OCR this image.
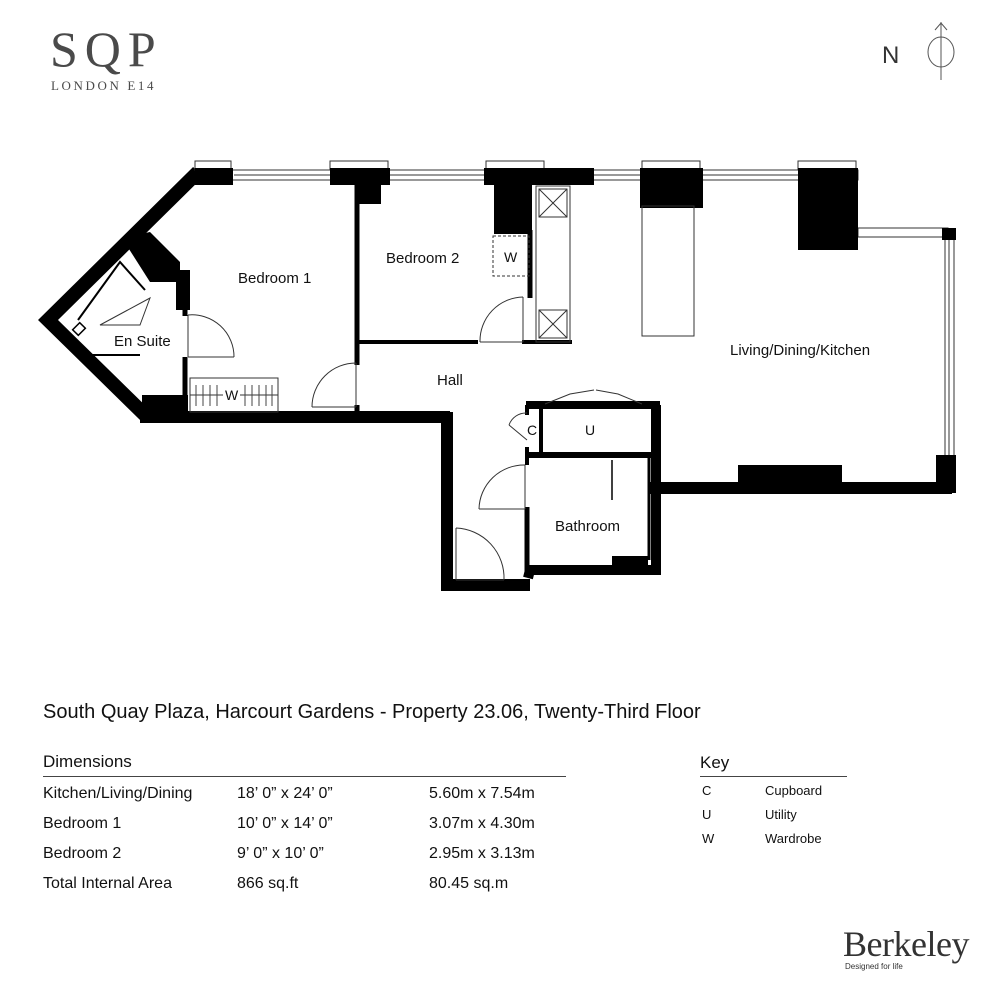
SQP
LONDON E14
N
Bedroom 1
Bedroom 2
En Suite
Hall
Living/Dining/Kitchen
Bathroom
W
W
C	U
South Quay Plaza, Harcourt Gardens - Property 23.06, Twenty-Third Floor
Dimensions
Kitchen/Living/Dining	18’ 0” x 24’ 0”	5.60m x 7.54m
Bedroom 1	10’ 0” x 14’ 0”	3.07m x 4.30m
Bedroom 2	9’ 0” x 10’ 0”	2.95m x 3.13m
Total Internal Area	866 sq.ft	80.45 sq.m
Key
C	Cupboard
U	Utility
W	Wardrobe
Berkeley
Designed for life
